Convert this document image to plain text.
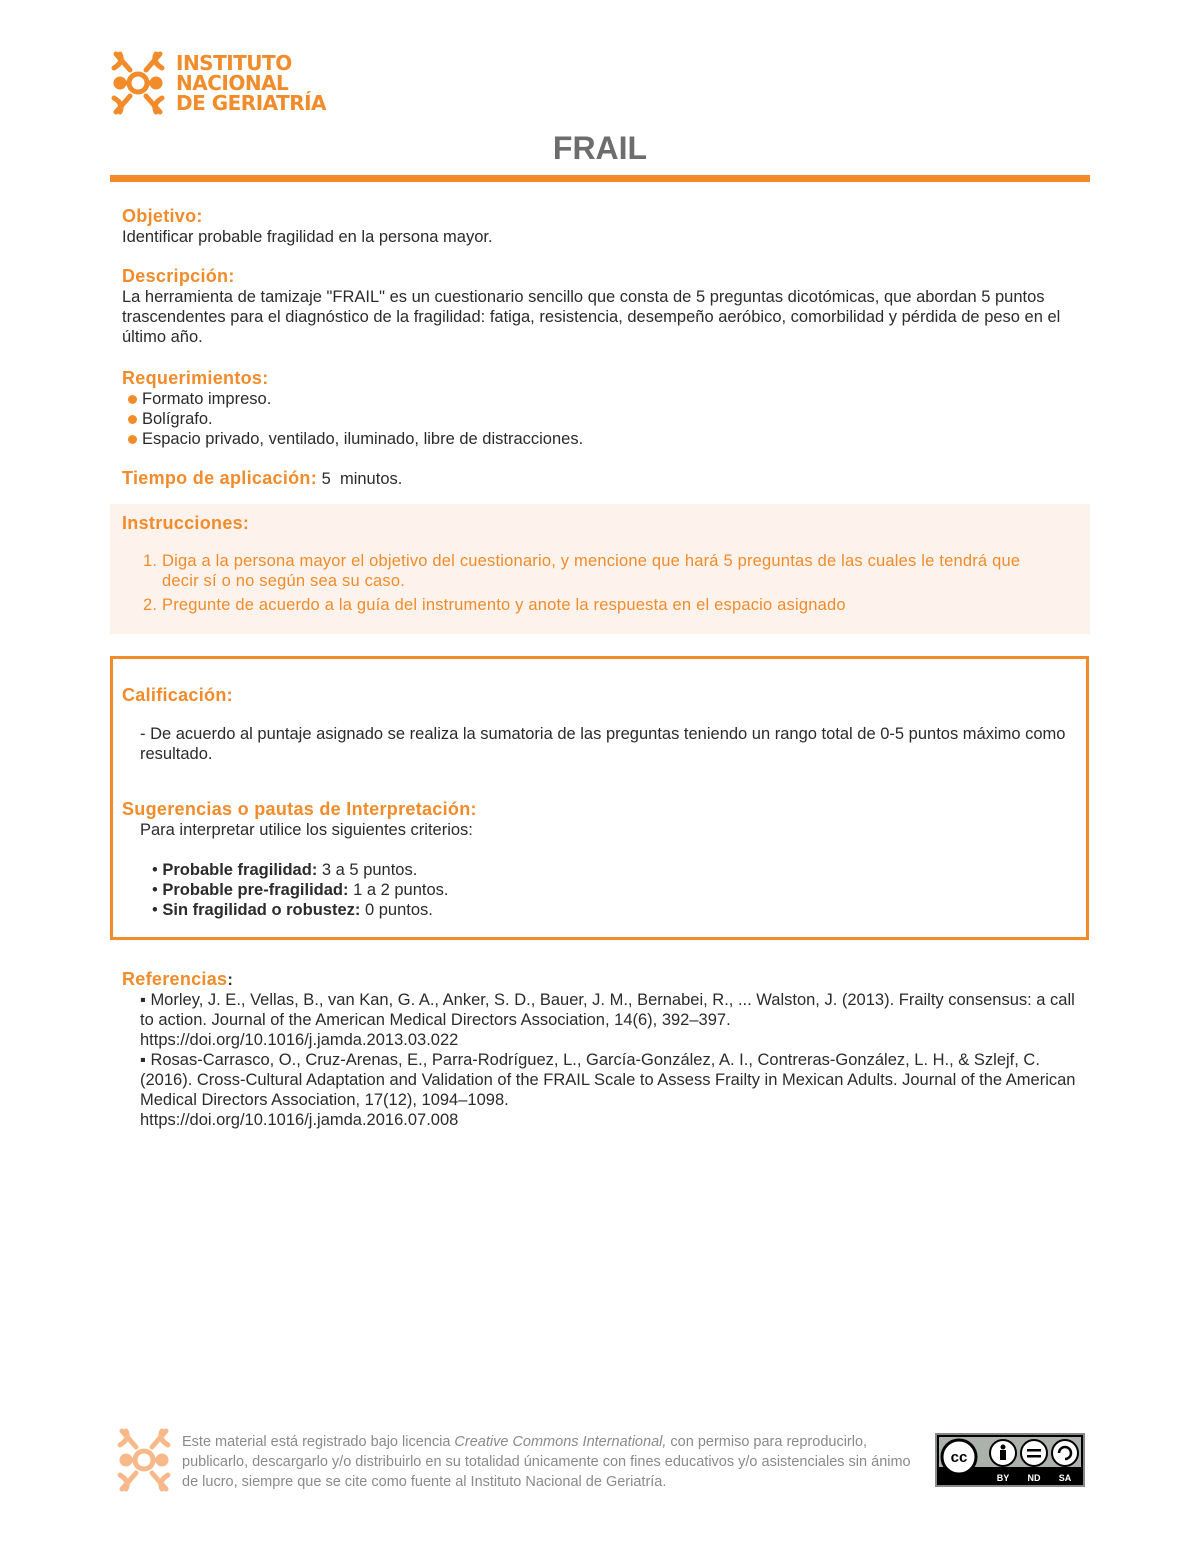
INSTITUTO
NACIONAL
DE GERIATRÍA
FRAIL
Objetivo:
Identificar probable fragilidad en la persona mayor.
Descripción:
La herramienta de tamizaje "FRAIL" es un cuestionario sencillo que consta de 5 preguntas dicotómicas, que abordan 5 puntos trascendentes para el diagnóstico de la fragilidad: fatiga, resistencia, desempeño aeróbico, comorbilidad y pérdida de peso en el último año.
Requerimientos:
Formato impreso.
Bolígrafo.
Espacio privado, ventilado, iluminado, libre de distracciones.
Tiempo de aplicación: 5 minutos.
Instrucciones:
1. Diga a la persona mayor el objetivo del cuestionario, y mencione que hará 5 preguntas de las cuales le tendrá que decir sí o no según sea su caso.
2. Pregunte de acuerdo a la guía del instrumento y anote la respuesta en el espacio asignado
Calificación:
- De acuerdo al puntaje asignado se realiza la sumatoria de las preguntas teniendo un rango total de 0-5 puntos máximo como resultado.
Sugerencias o pautas de Interpretación:
Para interpretar utilice los siguientes criterios:
• Probable fragilidad: 3 a 5 puntos.
• Probable pre-fragilidad: 1 a 2 puntos.
• Sin fragilidad o robustez: 0 puntos.
Referencias:
▪ Morley, J. E., Vellas, B., van Kan, G. A., Anker, S. D., Bauer, J. M., Bernabei, R., ... Walston, J. (2013). Frailty consensus: a call to action. Journal of the American Medical Directors Association, 14(6), 392–397.
https://doi.org/10.1016/j.jamda.2013.03.022
▪ Rosas-Carrasco, O., Cruz-Arenas, E., Parra-Rodríguez, L., García-González, A. I., Contreras-González, L. H., & Szlejf, C. (2016). Cross-Cultural Adaptation and Validation of the FRAIL Scale to Assess Frailty in Mexican Adults. Journal of the American Medical Directors Association, 17(12), 1094–1098.
https://doi.org/10.1016/j.jamda.2016.07.008
Este material está registrado bajo licencia Creative Commons International, con permiso para reproducirlo, publicarlo, descargarlo y/o distribuirlo en su totalidad únicamente con fines educativos y/o asistenciales sin ánimo de lucro, siempre que se cite como fuente al Instituto Nacional de Geriatría.
cc
BY ND SA
